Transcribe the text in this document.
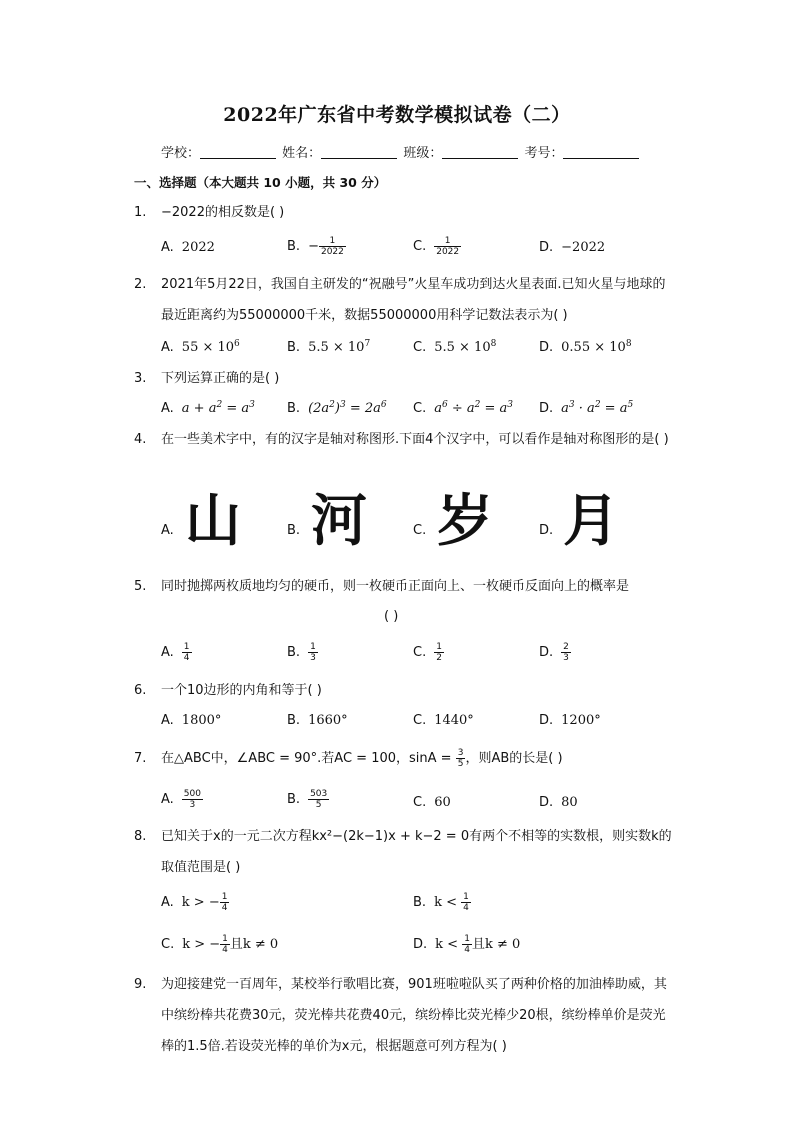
2022年广东省中考数学模拟试卷（二）
学校：	姓名：	班级：	考号：
一、选择题（本大题共 10 小题，共 30 分）
1. −2022的相反数是( )
A. 2022	B. − $\frac{1}{2022}$	C. $\frac{1}{2022}$	D. −2022
2. 2021年5月22日，我国自主研发的“祝融号”火星车成功到达火星表面.已知火星与地球的最近距离约为55000000千米，数据55000000用科学记数法表示为( )
A. $55 \times 10^6$	B. $5.5 \times 10^7$	C. $5.5 \times 10^8$	D. $0.55 \times 10^8$
3. 下列运算正确的是( )
A. $a + a^2 = a^3$ B. $(2a^2)^3 = 2a^6$ C. $a^6 \div a^2 = a^3$ D. $a^3 \cdot a^2 = a^5$
4. 在一些美术字中，有的汉字是轴对称图形.下面4个汉字中，可以看作是轴对称图形的是( )
A. 山	B. 河	C. 岁	D. 月
5. 同时抛掷两枚质地均匀的硬币，则一枚硬币正面向上、一枚硬币反面向上的概率是
( )
A. $\frac{1}{4}$	B. $\frac{1}{3}$	C. $\frac{1}{2}$	D. $\frac{2}{3}$
6. 一个10边形的内角和等于( )
A. 1800°	B. 1660°	C. 1440°	D. 1200°
7. 在△ABC中，∠ABC = 90°.若AC = 100，$\sin A = \frac{3}{5}$ ，则AB的长是( )
A. $\frac{500}{3}$	B. $\frac{503}{5}$	C. 60	D. 80
8. 已知关于x的一元二次方程kx²−(2k−1)x + k−2 = 0有两个不相等的实数根，则实数k的取值范围是( )
A. k > − $\frac{1}{4}$	B. $k < \frac{1}{4}$
C. k > − $\frac{1}{4}$ 且k ≠ 0	D. $k < \frac{1}{4}$ 且k ≠ 0
9. 为迎接建党一百周年，某校举行歌唱比赛，901班啦啦队买了两种价格的加油棒助威，其中缤纷棒共花费30元，荧光棒共花费40元，缤纷棒比荧光棒少20根，缤纷棒单价是荧光棒的1.5倍.若设荧光棒的单价为x元，根据题意可列方程为( )
